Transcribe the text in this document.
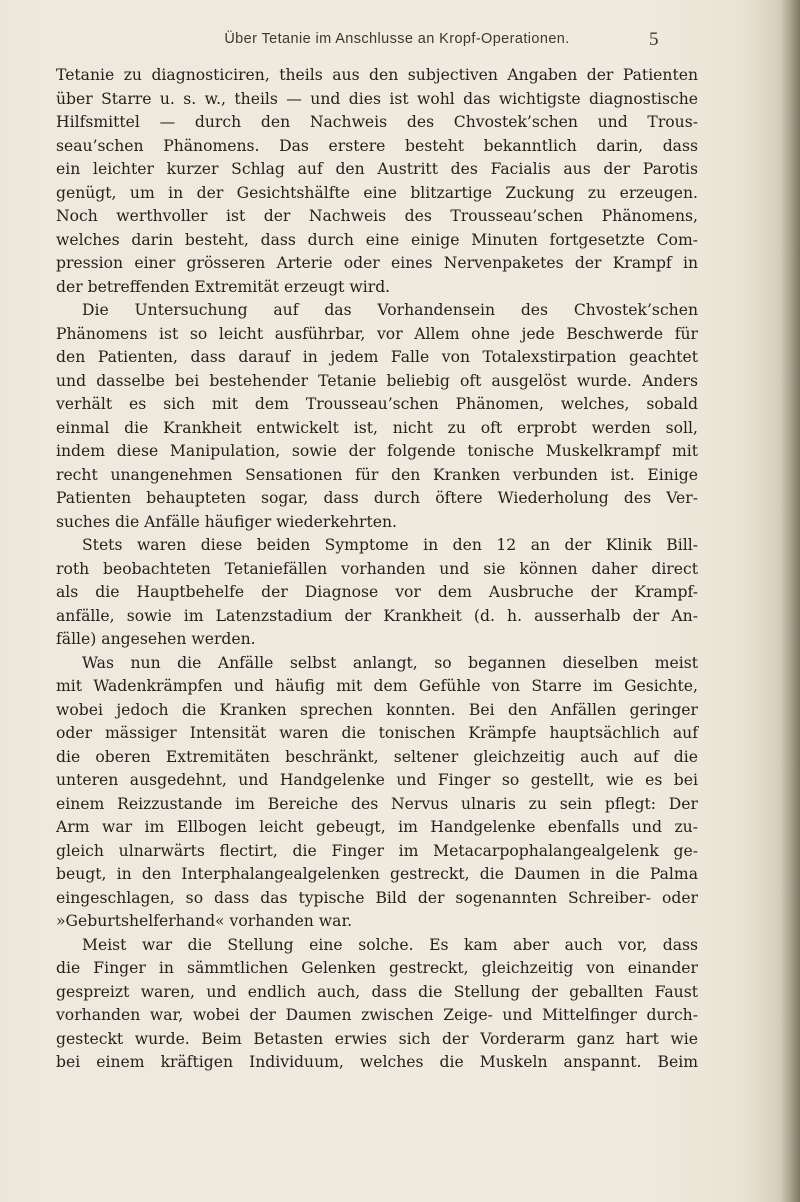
Über Tetanie im Anschlusse an Kropf-Operationen.	5
Tetanie zu diagnosticiren, theils aus den subjectiven Angaben der Patienten
über Starre u. s. w., theils — und dies ist wohl das wichtigste diagnostische
Hilfsmittel — durch den Nachweis des Chvostek’schen und Trous-
seau’schen Phänomens. Das erstere besteht bekanntlich darin, dass
ein leichter kurzer Schlag auf den Austritt des Facialis aus der Parotis
genügt, um in der Gesichtshälfte eine blitzartige Zuckung zu erzeugen.
Noch werthvoller ist der Nachweis des Trousseau’schen Phänomens,
welches darin besteht, dass durch eine einige Minuten fortgesetzte Com-
pression einer grösseren Arterie oder eines Nervenpaketes der Krampf in
der betreffenden Extremität erzeugt wird.
Die Untersuchung auf das Vorhandensein des Chvostek’schen
Phänomens ist so leicht ausführbar, vor Allem ohne jede Beschwerde für
den Patienten, dass darauf in jedem Falle von Totalexstirpation geachtet
und dasselbe bei bestehender Tetanie beliebig oft ausgelöst wurde. Anders
verhält es sich mit dem Trousseau’schen Phänomen, welches, sobald
einmal die Krankheit entwickelt ist, nicht zu oft erprobt werden soll,
indem diese Manipulation, sowie der folgende tonische Muskelkrampf mit
recht unangenehmen Sensationen für den Kranken verbunden ist. Einige
Patienten behaupteten sogar, dass durch öftere Wiederholung des Ver-
suches die Anfälle häufiger wiederkehrten.
Stets waren diese beiden Symptome in den 12 an der Klinik Bill-
roth beobachteten Tetaniefällen vorhanden und sie können daher direct
als die Hauptbehelfe der Diagnose vor dem Ausbruche der Krampf-
anfälle, sowie im Latenzstadium der Krankheit (d. h. ausserhalb der An-
fälle) angesehen werden.
Was nun die Anfälle selbst anlangt, so begannen dieselben meist
mit Wadenkrämpfen und häufig mit dem Gefühle von Starre im Gesichte,
wobei jedoch die Kranken sprechen konnten. Bei den Anfällen geringer
oder mässiger Intensität waren die tonischen Krämpfe hauptsächlich auf
die oberen Extremitäten beschränkt, seltener gleichzeitig auch auf die
unteren ausgedehnt, und Handgelenke und Finger so gestellt, wie es bei
einem Reizzustande im Bereiche des Nervus ulnaris zu sein pflegt: Der
Arm war im Ellbogen leicht gebeugt, im Handgelenke ebenfalls und zu-
gleich ulnarwärts flectirt, die Finger im Metacarpophalangealgelenk ge-
beugt, in den Interphalangealgelenken gestreckt, die Daumen in die Palma
eingeschlagen, so dass das typische Bild der sogenannten Schreiber- oder
»Geburtshelferhand« vorhanden war.
Meist war die Stellung eine solche. Es kam aber auch vor, dass
die Finger in sämmtlichen Gelenken gestreckt, gleichzeitig von einander
gespreizt waren, und endlich auch, dass die Stellung der geballten Faust
vorhanden war, wobei der Daumen zwischen Zeige- und Mittelfinger durch-
gesteckt wurde. Beim Betasten erwies sich der Vorderarm ganz hart wie
bei einem kräftigen Individuum, welches die Muskeln anspannt. Beim
